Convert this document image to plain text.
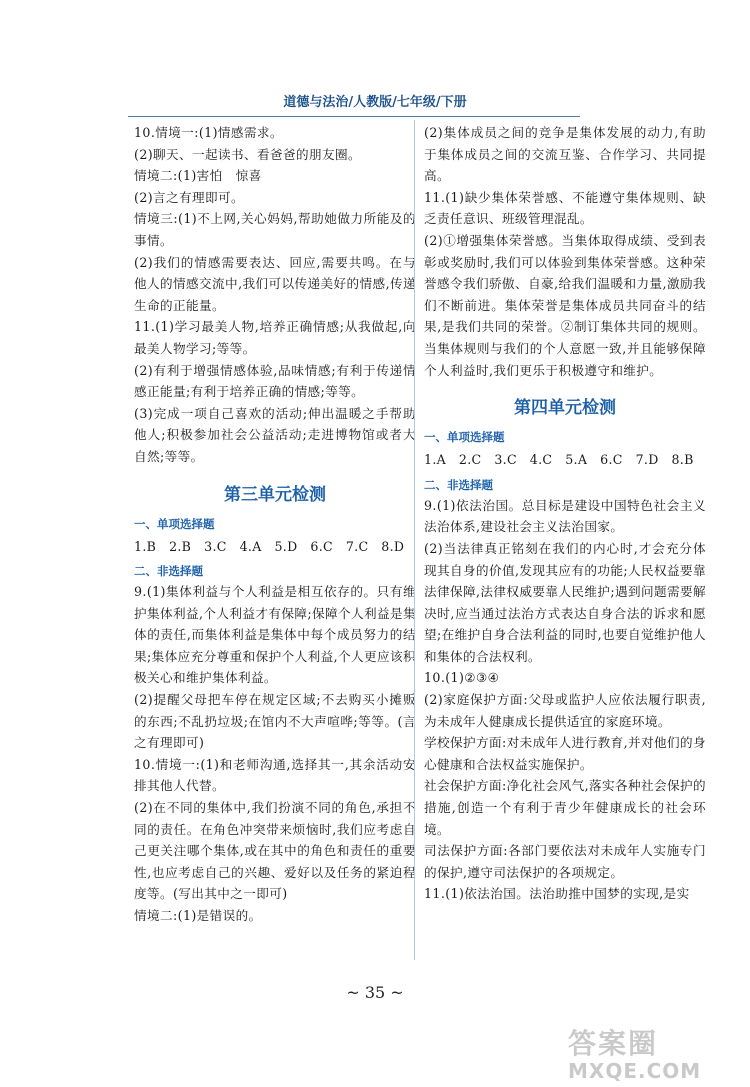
道德与法治/人教版/七年级/下册

10.情境一:(1)情感需求。

(2)聊天、一起读书、看爸爸的朋友圈。

情境二:(1)害怕　惊喜

(2)言之有理即可。

情境三:(1)不上网,关心妈妈,帮助她做力所能及的事情。

(2)我们的情感需要表达、回应,需要共鸣。在与他人的情感交流中,我们可以传递美好的情感,传递生命的正能量。

11.(1)学习最美人物,培养正确情感;从我做起,向最美人物学习;等等。

(2)有利于增强情感体验,品味情感;有利于传递情感正能量;有利于培养正确的情感;等等。

(3)完成一项自己喜欢的活动;伸出温暖之手帮助他人;积极参加社会公益活动;走进博物馆或者大自然;等等。

第三单元检测
一、单项选择题

1.B　2.B　3.C　4.A　5.D　6.C　7.C　8.D

二、非选择题

9.(1)集体利益与个人利益是相互依存的。只有维护集体利益,个人利益才有保障;保障个人利益是集体的责任,而集体利益是集体中每个成员努力的结果;集体应充分尊重和保护个人利益,个人更应该积极关心和维护集体利益。

(2)提醒父母把车停在规定区域;不去购买小摊贩的东西;不乱扔垃圾;在馆内不大声喧哗;等等。(言之有理即可)

10.情境一:(1)和老师沟通,选择其一,其余活动安排其他人代替。

(2)在不同的集体中,我们扮演不同的角色,承担不同的责任。在角色冲突带来烦恼时,我们应考虑自己更关注哪个集体,或在其中的角色和责任的重要性,也应考虑自己的兴趣、爱好以及任务的紧迫程度等。(写出其中之一即可)

情境二:(1)是错误的。

(2)集体成员之间的竞争是集体发展的动力,有助于集体成员之间的交流互鉴、合作学习、共同提高。

11.(1)缺少集体荣誉感、不能遵守集体规则、缺乏责任意识、班级管理混乱。

(2)①增强集体荣誉感。当集体取得成绩、受到表彰或奖励时,我们可以体验到集体荣誉感。这种荣誉感令我们骄傲、自豪,给我们温暖和力量,激励我们不断前进。集体荣誉是集体成员共同奋斗的结果,是我们共同的荣誉。②制订集体共同的规则。当集体规则与我们的个人意愿一致,并且能够保障个人利益时,我们更乐于积极遵守和维护。

第四单元检测
一、单项选择题

1.A　2.C　3.C　4.C　5.A　6.C　7.D　8.B

二、非选择题

9.(1)依法治国。总目标是建设中国特色社会主义法治体系,建设社会主义法治国家。

(2)当法律真正铭刻在我们的内心时,才会充分体现其自身的价值,发现其应有的功能;人民权益要靠法律保障,法律权威要靠人民维护;遇到问题需要解决时,应当通过法治方式表达自身合法的诉求和愿望;在维护自身合法利益的同时,也要自觉维护他人和集体的合法权利。

10.(1)②③④

(2)家庭保护方面:父母或监护人应依法履行职责,为未成年人健康成长提供适宜的家庭环境。

学校保护方面:对未成年人进行教育,并对他们的身心健康和合法权益实施保护。

社会保护方面:净化社会风气,落实各种社会保护的措施,创造一个有利于青少年健康成长的社会环境。

司法保护方面:各部门要依法对未成年人实施专门的保护,遵守司法保护的各项规定。

11.(1)依法治国。法治助推中国梦的实现,是实

~ 35 ~
答案圈
MXQE.COM
